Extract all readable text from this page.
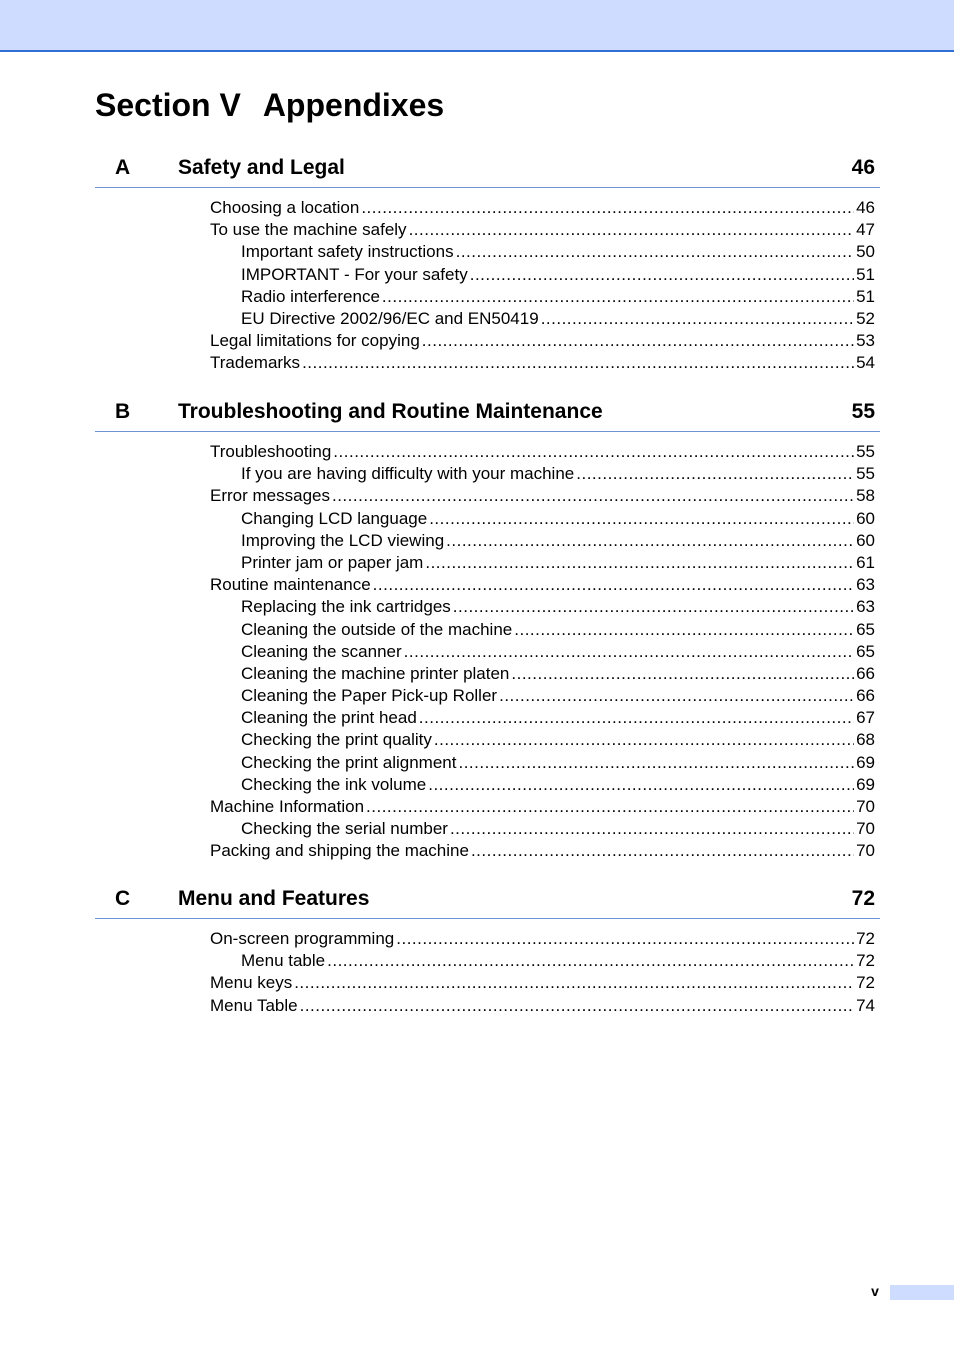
Section V Appendixes
A Safety and Legal	46
Choosing a location .....	46
To use the machine safely .....	47
Important safety instructions .....	50
IMPORTANT - For your safety .....	51
Radio interference .....	51
EU Directive 2002/96/EC and EN50419 .....	52
Legal limitations for copying .....	53
Trademarks .....	54
B Troubleshooting and Routine Maintenance	55
Troubleshooting .....	55
If you are having difficulty with your machine .....	55
Error messages .....	58
Changing LCD language .....	60
Improving the LCD viewing .....	60
Printer jam or paper jam .....	61
Routine maintenance .....	63
Replacing the ink cartridges .....	63
Cleaning the outside of the machine .....	65
Cleaning the scanner .....	65
Cleaning the machine printer platen .....	66
Cleaning the Paper Pick-up Roller .....	66
Cleaning the print head .....	67
Checking the print quality .....	68
Checking the print alignment .....	69
Checking the ink volume .....	69
Machine Information .....	70
Checking the serial number .....	70
Packing and shipping the machine .....	70
C Menu and Features	72
On-screen programming .....	72
Menu table .....	72
Menu keys .....	72
Menu Table .....	74
v
